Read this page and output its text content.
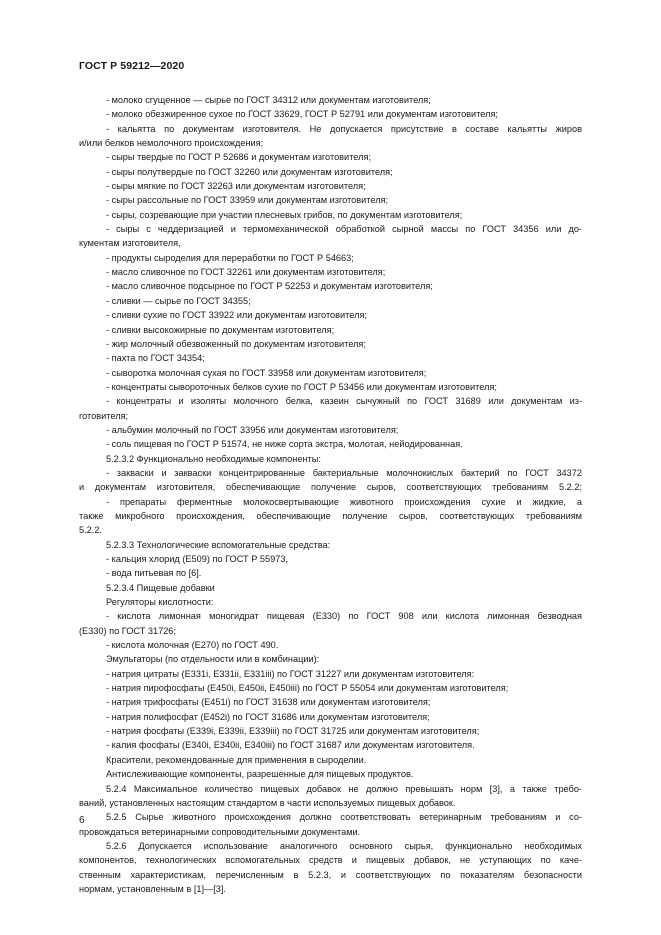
ГОСТ Р 59212—2020
- молоко сгущенное — сырье по ГОСТ 34312 или документам изготовителя;
- молоко обезжиренное сухое по ГОСТ 33629, ГОСТ Р 52791 или документам изготовителя;
- кальятта по документам изготовителя. Не допускается присутствие в составе кальятты жиров
и/или белков немолочного происхождения;
- сыры твердые по ГОСТ Р 52686 и документам изготовителя;
- сыры полутвердые по ГОСТ 32260 или документам изготовителя;
- сыры мягкие по ГОСТ 32263 или документам изготовителя;
- сыры рассольные по ГОСТ 33959 или документам изготовителя;
- сыры, созревающие при участии плесневых грибов, по документам изготовителя;
- сыры с чеддеризацией и термомеханической обработкой сырной массы по ГОСТ 34356 или до-
кументам изготовителя,
- продукты сыроделия для переработки по ГОСТ Р 54663;
- масло сливочное по ГОСТ 32261 или документам изготовителя;
- масло сливочное подсырное по ГОСТ Р 52253 и документам изготовителя;
- сливки — сырье по ГОСТ 34355;
- сливки сухие по ГОСТ 33922 или документам изготовителя;
- сливки высокожирные по документам изготовителя;
- жир молочный обезвоженный по документам изготовителя;
- пахта по ГОСТ 34354;
- сыворотка молочная сухая по ГОСТ 33958 или документам изготовителя;
- концентраты сывороточных белков сухие по ГОСТ Р 53456 или документам изготовителя;
- концентраты и изоляты молочного белка, казеин сычужный по ГОСТ 31689 или документам из-
готовителя;
- альбумин молочный по ГОСТ 33956 или документам изготовителя;
- соль пищевая по ГОСТ Р 51574, не ниже сорта экстра, молотая, нейодированная.
5.2.3.2 Функционально необходимые компоненты:
- закваски и закваски концентрированные бактериальные молочнокислых бактерий по ГОСТ 34372
и документам изготовителя, обеспечивающие получение сыров, соответствующих требованиям 5.2.2;
- препараты ферментные молокосвертывающие животного происхождения сухие и жидкие, а
также микробного происхождения, обеспечивающие получение сыров, соответствующих требованиям
5.2.2.
5.2.3.3 Технологические вспомогательные средства:
- кальция хлорид (Е509) по ГОСТ Р 55973,
- вода питьевая по [6].
5.2.3.4 Пищевые добавки
Регуляторы кислотности:
- кислота лимонная моногидрат пищевая (Е330) по ГОСТ 908 или кислота лимонная безводная
(Е330) по ГОСТ 31726;
- кислота молочная (Е270) по ГОСТ 490.
Эмульгаторы (по отдельности или в комбинации):
- натрия цитраты (Е331i, Е331ii, Е331iii) по ГОСТ 31227 или документам изготовителя:
- натрия пирофосфаты (Е450i, Е450ii, Е450iii) по ГОСТ Р 55054 или документам изготовителя;
- натрия трифосфаты (Е451i) по ГОСТ 31638 или документам изготовителя;
- натрия полифосфат (Е452i) по ГОСТ 31686 или документам изготовителя;
- натрия фосфаты (Е339i, Е339ii, Е339iii) по ГОСТ 31725 или документам изготовителя;
- калия фосфаты (Е340i, Е340ii, Е340iii) по ГОСТ 31687 или документам изготовителя.
Красители, рекомендованные для применения в сыроделии.
Антислеживающие компоненты, разрешенные для пищевых продуктов.
5.2.4 Максимальное количество пищевых добавок не должно превышать норм [3], а также требо-
ваний, установленных настоящим стандартом в части используемых пищевых добавок.
5.2.5 Сырье животного происхождения должно соответствовать ветеринарным требованиям и со-
провождаться ветеринарными сопроводительными документами.
5.2.6 Допускается использование аналогичного основного сырья, функционально необходимых
компонентов, технологических вспомогательных средств и пищевых добавок, не уступающих по каче-
ственным характеристикам, перечисленным в 5.2.3, и соответствующих по показателям безопасности
нормам, установленным в [1]—[3].
6
